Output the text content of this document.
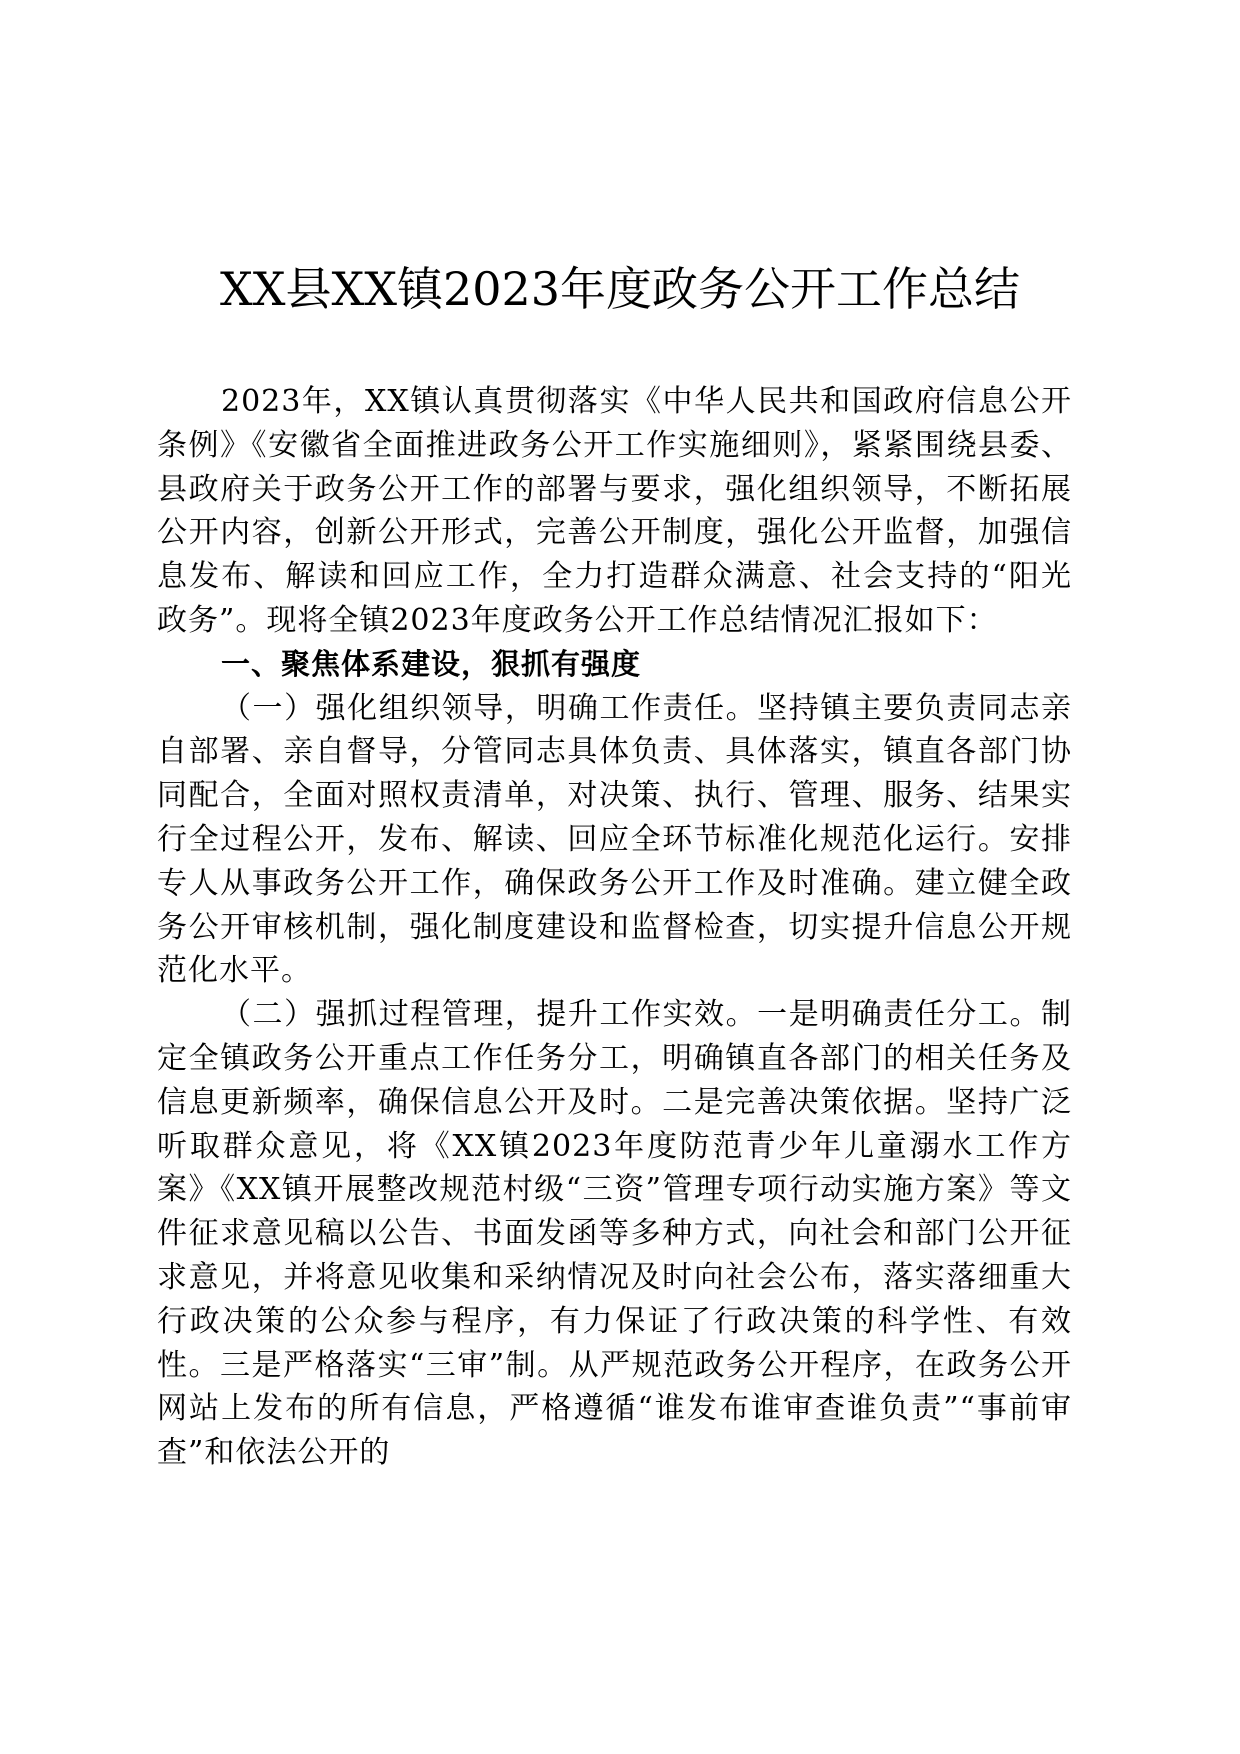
XX县XX镇2023年度政务公开工作总结

2023年，XX镇认真贯彻落实《中华人民共和国政府信息公开条例》《安徽省全面推进政务公开工作实施细则》，紧紧围绕县委、县政府关于政务公开工作的部署与要求，强化组织领导，不断拓展公开内容，创新公开形式，完善公开制度，强化公开监督，加强信息发布、解读和回应工作，全力打造群众满意、社会支持的“阳光政务”。现将全镇2023年度政务公开工作总结情况汇报如下：

一、聚焦体系建设，狠抓有强度

（一）强化组织领导，明确工作责任。坚持镇主要负责同志亲自部署、亲自督导，分管同志具体负责、具体落实，镇直各部门协同配合，全面对照权责清单，对决策、执行、管理、服务、结果实行全过程公开，发布、解读、回应全环节标准化规范化运行。安排专人从事政务公开工作，确保政务公开工作及时准确。建立健全政务公开审核机制，强化制度建设和监督检查，切实提升信息公开规范化水平。

（二）强抓过程管理，提升工作实效。一是明确责任分工。制定全镇政务公开重点工作任务分工，明确镇直各部门的相关任务及信息更新频率，确保信息公开及时。二是完善决策依据。坚持广泛听取群众意见，将《XX镇2023年度防范青少年儿童溺水工作方案》《XX镇开展整改规范村级“三资”管理专项行动实施方案》等文件征求意见稿以公告、书面发函等多种方式，向社会和部门公开征求意见，并将意见收集和采纳情况及时向社会公布，落实落细重大行政决策的公众参与程序，有力保证了行政决策的科学性、有效性。三是严格落实“三审”制。从严规范政务公开程序，在政务公开网站上发布的所有信息，严格遵循“谁发布谁审查谁负责”“事前审查”和依法公开的
